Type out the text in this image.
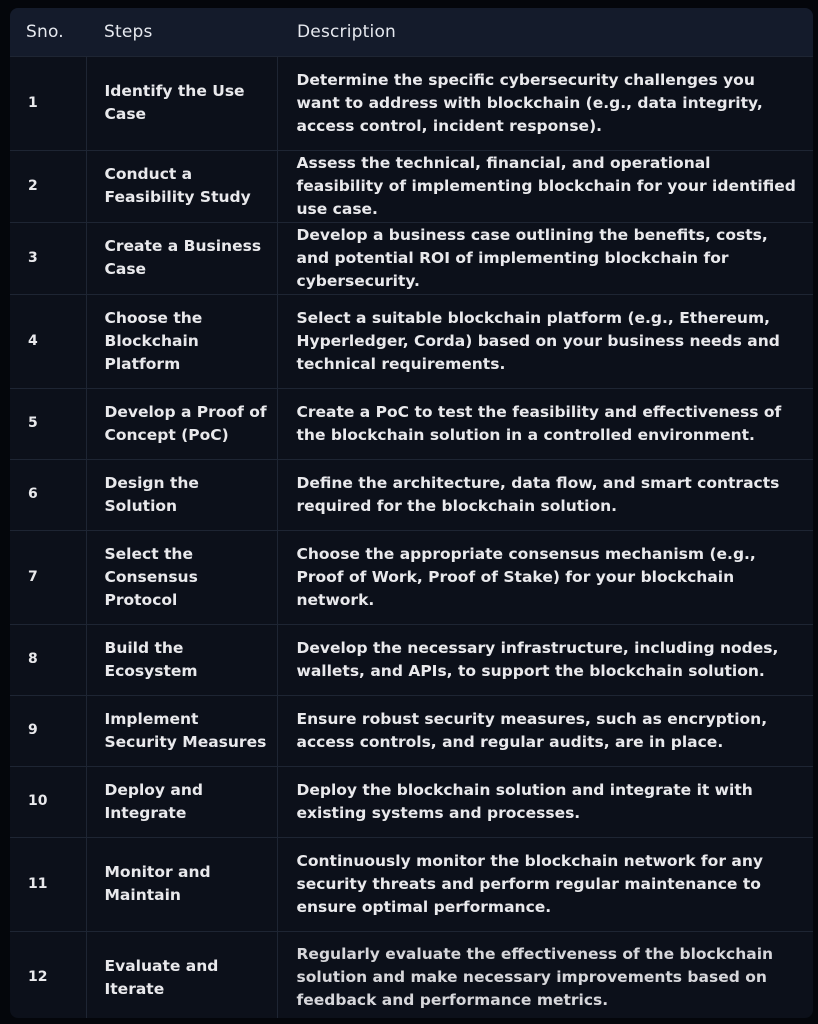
Sno.	Steps	Description
1	Identify the Use Case	Determine the specific cybersecurity challenges you want to address with blockchain (e.g., data integrity, access control, incident response).
2	Conduct a Feasibility Study	Assess the technical, financial, and operational feasibility of implementing blockchain for your identified use case.
3	Create a Business Case	Develop a business case outlining the benefits, costs, and potential ROI of implementing blockchain for cybersecurity.
4	Choose the Blockchain Platform	Select a suitable blockchain platform (e.g., Ethereum, Hyperledger, Corda) based on your business needs and technical requirements.
5	Develop a Proof of Concept (PoC)	Create a PoC to test the feasibility and effectiveness of the blockchain solution in a controlled environment.
6	Design the Solution	Define the architecture, data flow, and smart contracts required for the blockchain solution.
7	Select the Consensus Protocol	Choose the appropriate consensus mechanism (e.g., Proof of Work, Proof of Stake) for your blockchain network.
8	Build the Ecosystem	Develop the necessary infrastructure, including nodes, wallets, and APIs, to support the blockchain solution.
9	Implement Security Measures	Ensure robust security measures, such as encryption, access controls, and regular audits, are in place.
10	Deploy and Integrate	Deploy the blockchain solution and integrate it with existing systems and processes.
11	Monitor and Maintain	Continuously monitor the blockchain network for any security threats and perform regular maintenance to ensure optimal performance.
12	Evaluate and Iterate	Regularly evaluate the effectiveness of the blockchain solution and make necessary improvements based on feedback and performance metrics.
